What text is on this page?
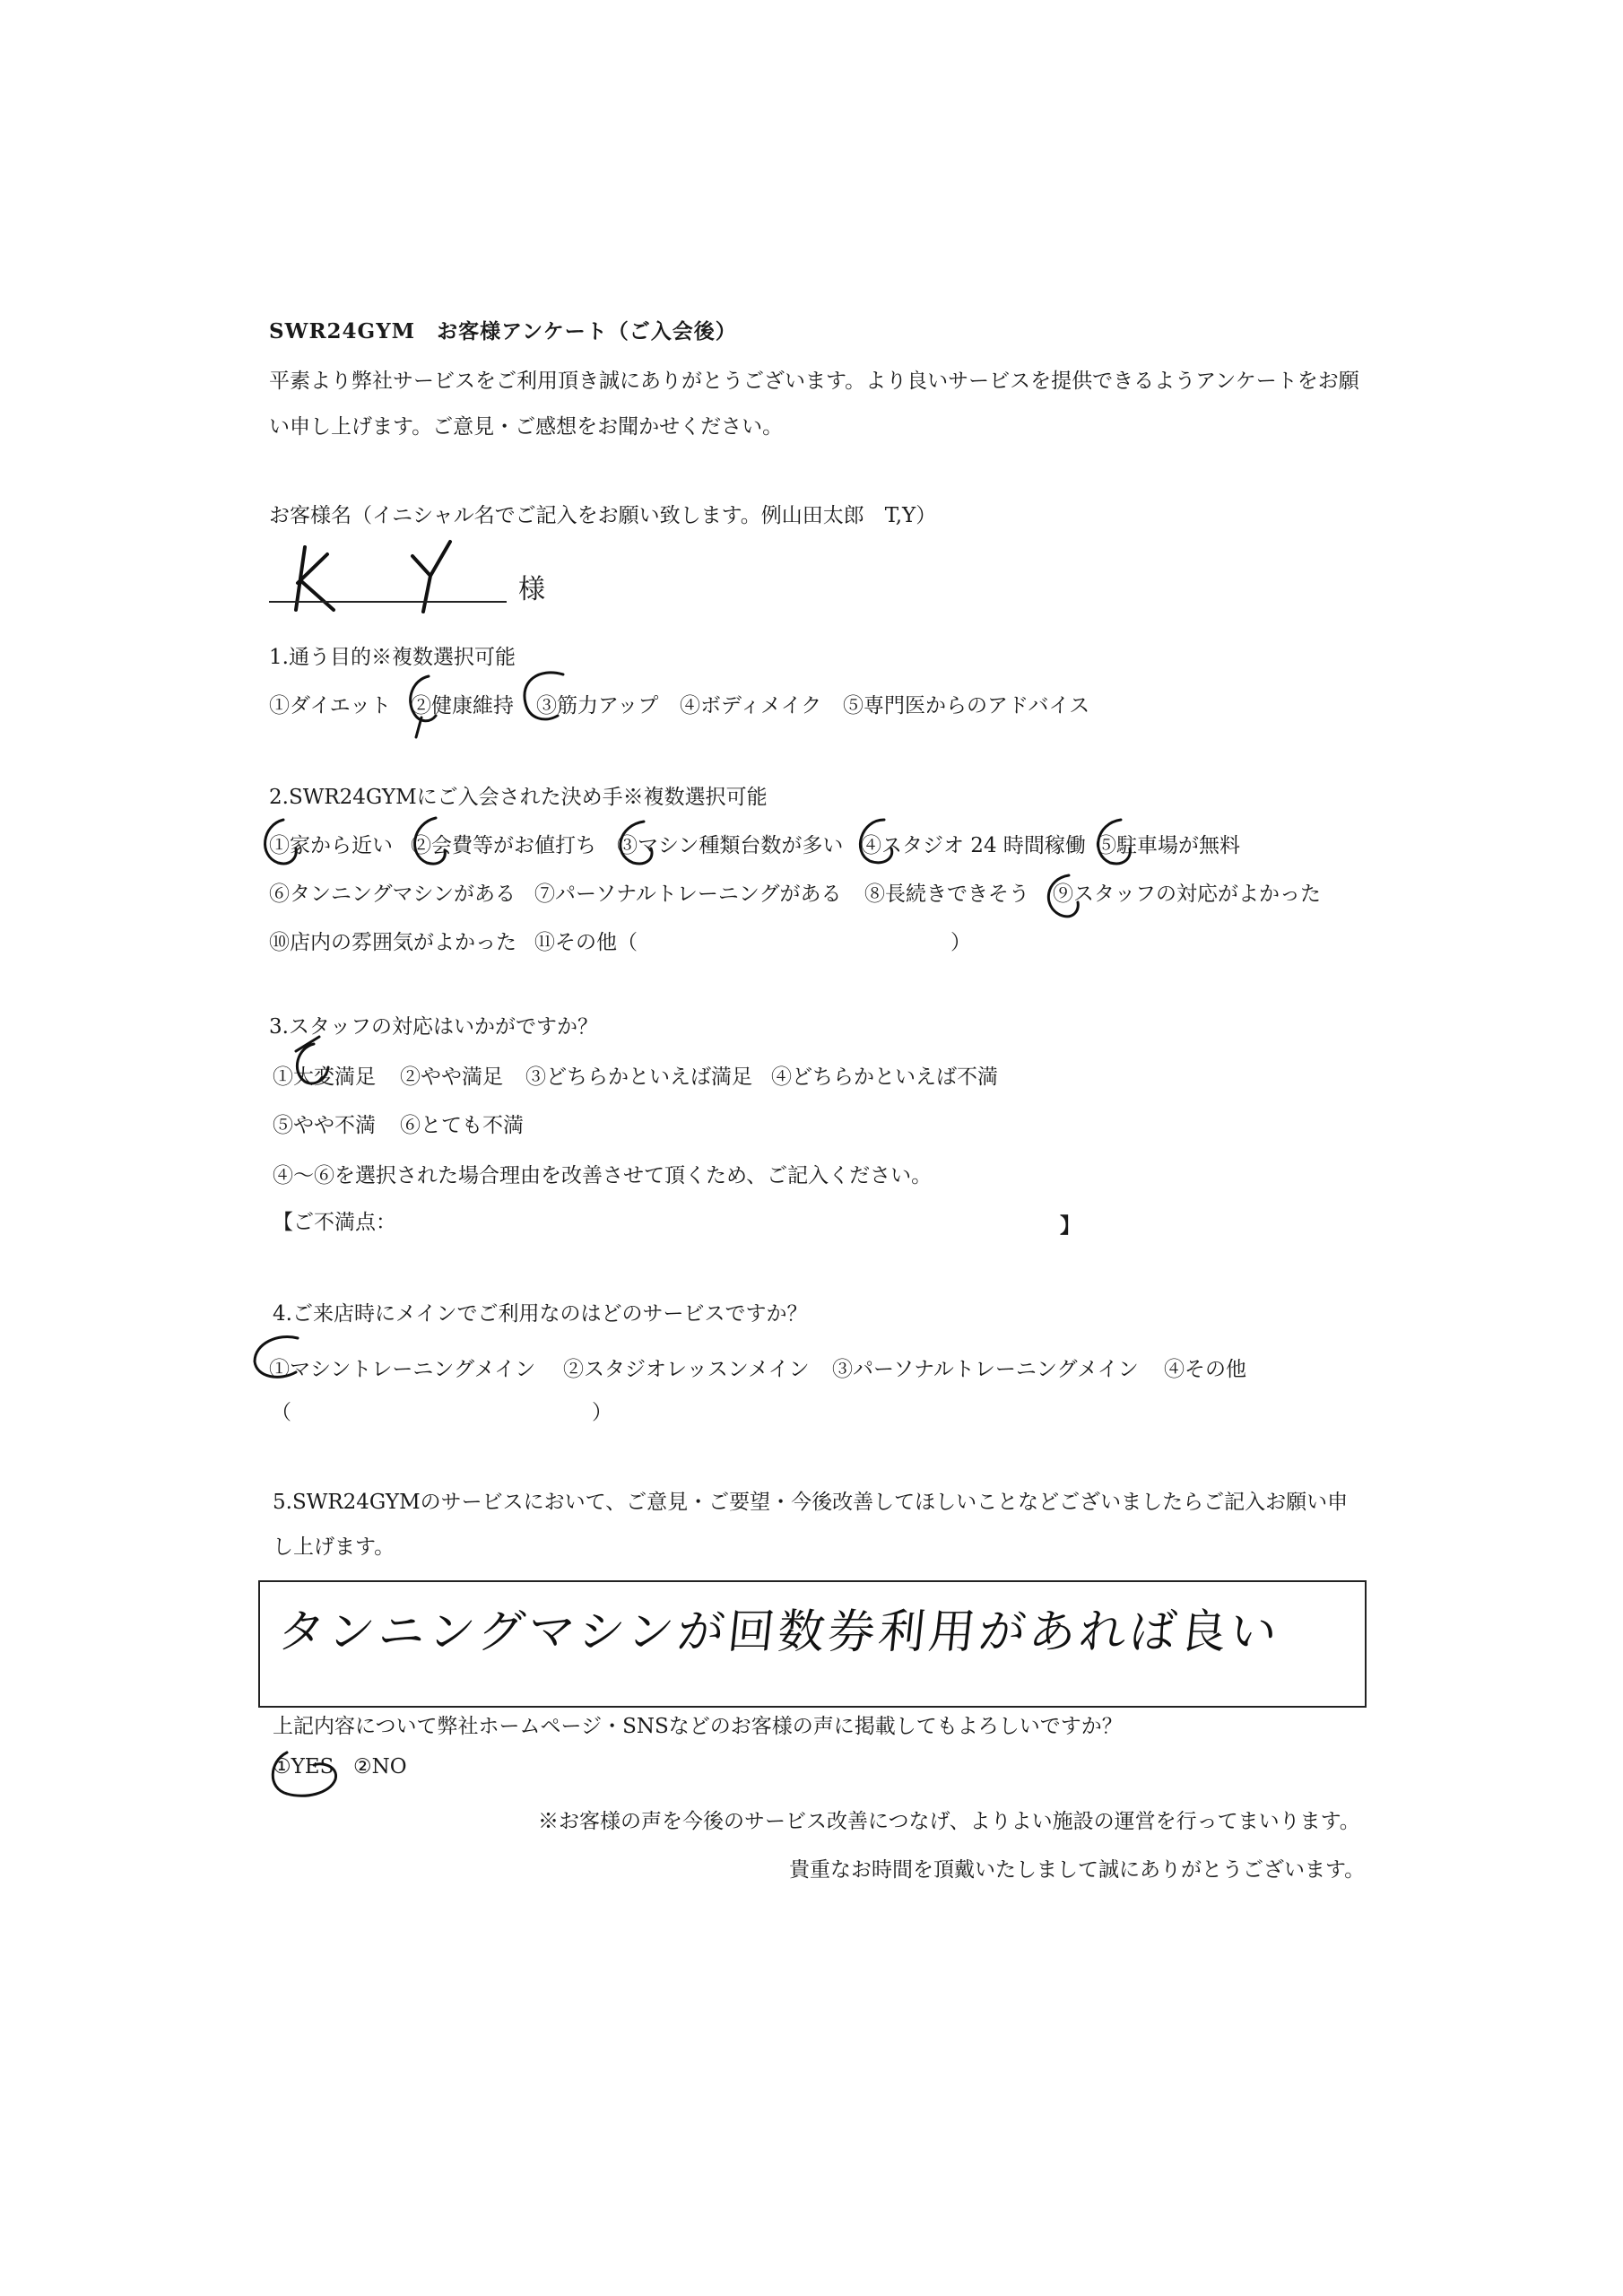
SWR24GYM　お客様アンケート（ご入会後）
平素より弊社サービスをご利用頂き誠にありがとうございます。より良いサービスを提供できるようアンケートをお願
い申し上げます。ご意見・ご感想をお聞かせください。
お客様名（イニシャル名でご記入をお願い致します。例山田太郎　T,Y）
様
1.通う目的※複数選択可能
①ダイエット ②健康維持 ③筋力アップ ④ボディメイク ⑤専門医からのアドバイス
2.SWR24GYMにご入会された決め手※複数選択可能
①家から近い ②会費等がお値打ち ③マシン種類台数が多い ④スタジオ 24 時間稼働 ⑤駐車場が無料
⑥タンニングマシンがある ⑦パーソナルトレーニングがある ⑧長続きできそう ⑨スタッフの対応がよかった
⑩店内の雰囲気がよかった ⑪その他（	）
3.スタッフの対応はいかがですか？
①大変満足 ②やや満足 ③どちらかといえば満足 ④どちらかといえば不満
⑤やや不満 ⑥とても不満
④～⑥を選択された場合理由を改善させて頂くため、ご記入ください。
【ご不満点：	】
4.ご来店時にメインでご利用なのはどのサービスですか？
①マシントレーニングメイン ②スタジオレッスンメイン ③パーソナルトレーニングメイン ④その他
（	）
5.SWR24GYMのサービスにおいて、ご意見・ご要望・今後改善してほしいことなどございましたらご記入お願い申
し上げます。
タンニングマシンが回数券利用があれば良い
上記内容について弊社ホームページ・SNSなどのお客様の声に掲載してもよろしいですか？
①YES ②NO
※お客様の声を今後のサービス改善につなげ、よりよい施設の運営を行ってまいります。
貴重なお時間を頂戴いたしまして誠にありがとうございます。
